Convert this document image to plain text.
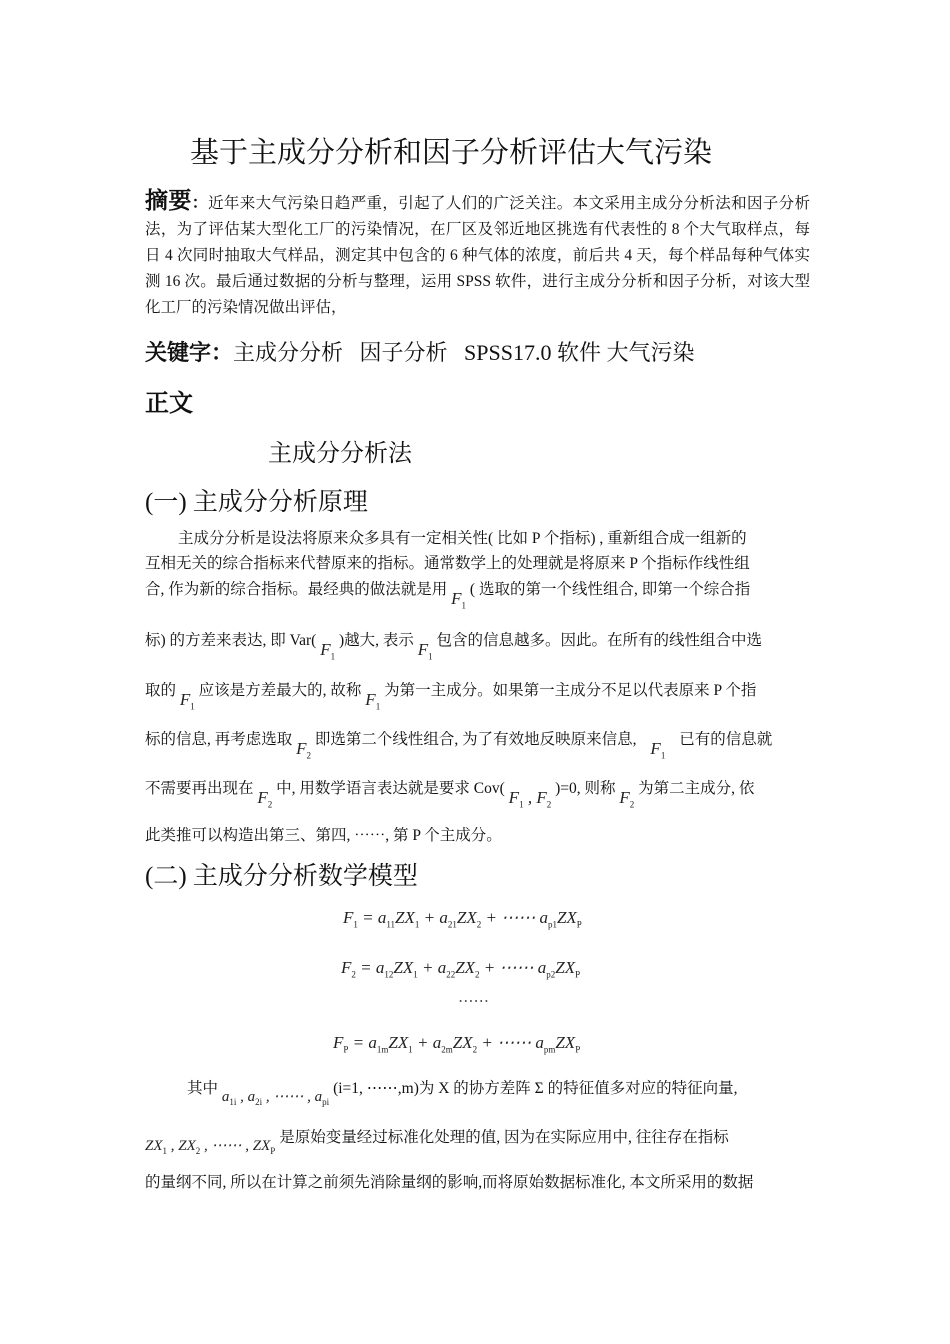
基于主成分分析和因子分析评估大气污染
摘要：近年来大气污染日趋严重，引起了人们的广泛关注。本文采用主成分分析法和因子分析法，为了评估某大型化工厂的污染情况，在厂区及邻近地区挑选有代表性的 8 个大气取样点，每日 4 次同时抽取大气样品，测定其中包含的 6 种气体的浓度，前后共 4 天，每个样品每种气体实测 16 次。最后通过数据的分析与整理，运用 SPSS 软件，进行主成分分析和因子分析，对该大型化工厂的污染情况做出评估，
关键字：主成分分析   因子分析   SPSS17.0 软件 大气污染
正文
主成分分析法
(一) 主成分分析原理
主成分分析是设法将原来众多具有一定相关性( 比如 P 个指标) , 重新组合成一组新的
互相无关的综合指标来代替原来的指标。通常数学上的处理就是将原来 P 个指标作线性组
合, 作为新的综合指标。最经典的做法就是用 $F_1$ ( 选取的第一个线性组合, 即第一个综合指
标) 的方差来表达, 即 Var( $F_1$ )越大, 表示 $F_1$ 包含的信息越多。因此。在所有的线性组合中选
取的 $F_1$ 应该是方差最大的, 故称 $F_1$ 为第一主成分。如果第一主成分不足以代表原来 P 个指
标的信息, 再考虑选取 $F_2$ 即选第二个线性组合, 为了有效地反映原来信息, $F_1$ 已有的信息就
不需要再出现在 $F_2$ 中, 用数学语言表达就是要求 Cov( $F_1$ , $F_2$ )=0, 则称 $F_2$ 为第二主成分, 依
此类推可以构造出第三、第四, ⋯⋯, 第 P 个主成分。
(二) 主成分分析数学模型
$F_1 = a_{11}ZX_1 + a_{21}ZX_2$ + ⋯⋯ $a_{p1}ZX_P$
$F_2 = a_{12}ZX_1 + a_{22}ZX_2$ + ⋯⋯ $a_{p2}ZX_P$
⋯⋯
$F_P = a_{1m}ZX_1 + a_{2m}ZX_2$ + ⋯⋯ $a_{pm}ZX_P$
其中 $a_{1i}$ , $a_{2i}$ , ⋯⋯ , $a_{pi}$ (i=1, ⋯⋯,m)为 X 的协方差阵 Σ 的特征值多对应的特征向量,
$ZX_1$ , $ZX_2$ , ⋯⋯ , $ZX_P$ 是原始变量经过标准化处理的值, 因为在实际应用中, 往往存在指标
的量纲不同, 所以在计算之前须先消除量纲的影响,而将原始数据标准化, 本文所采用的数据
